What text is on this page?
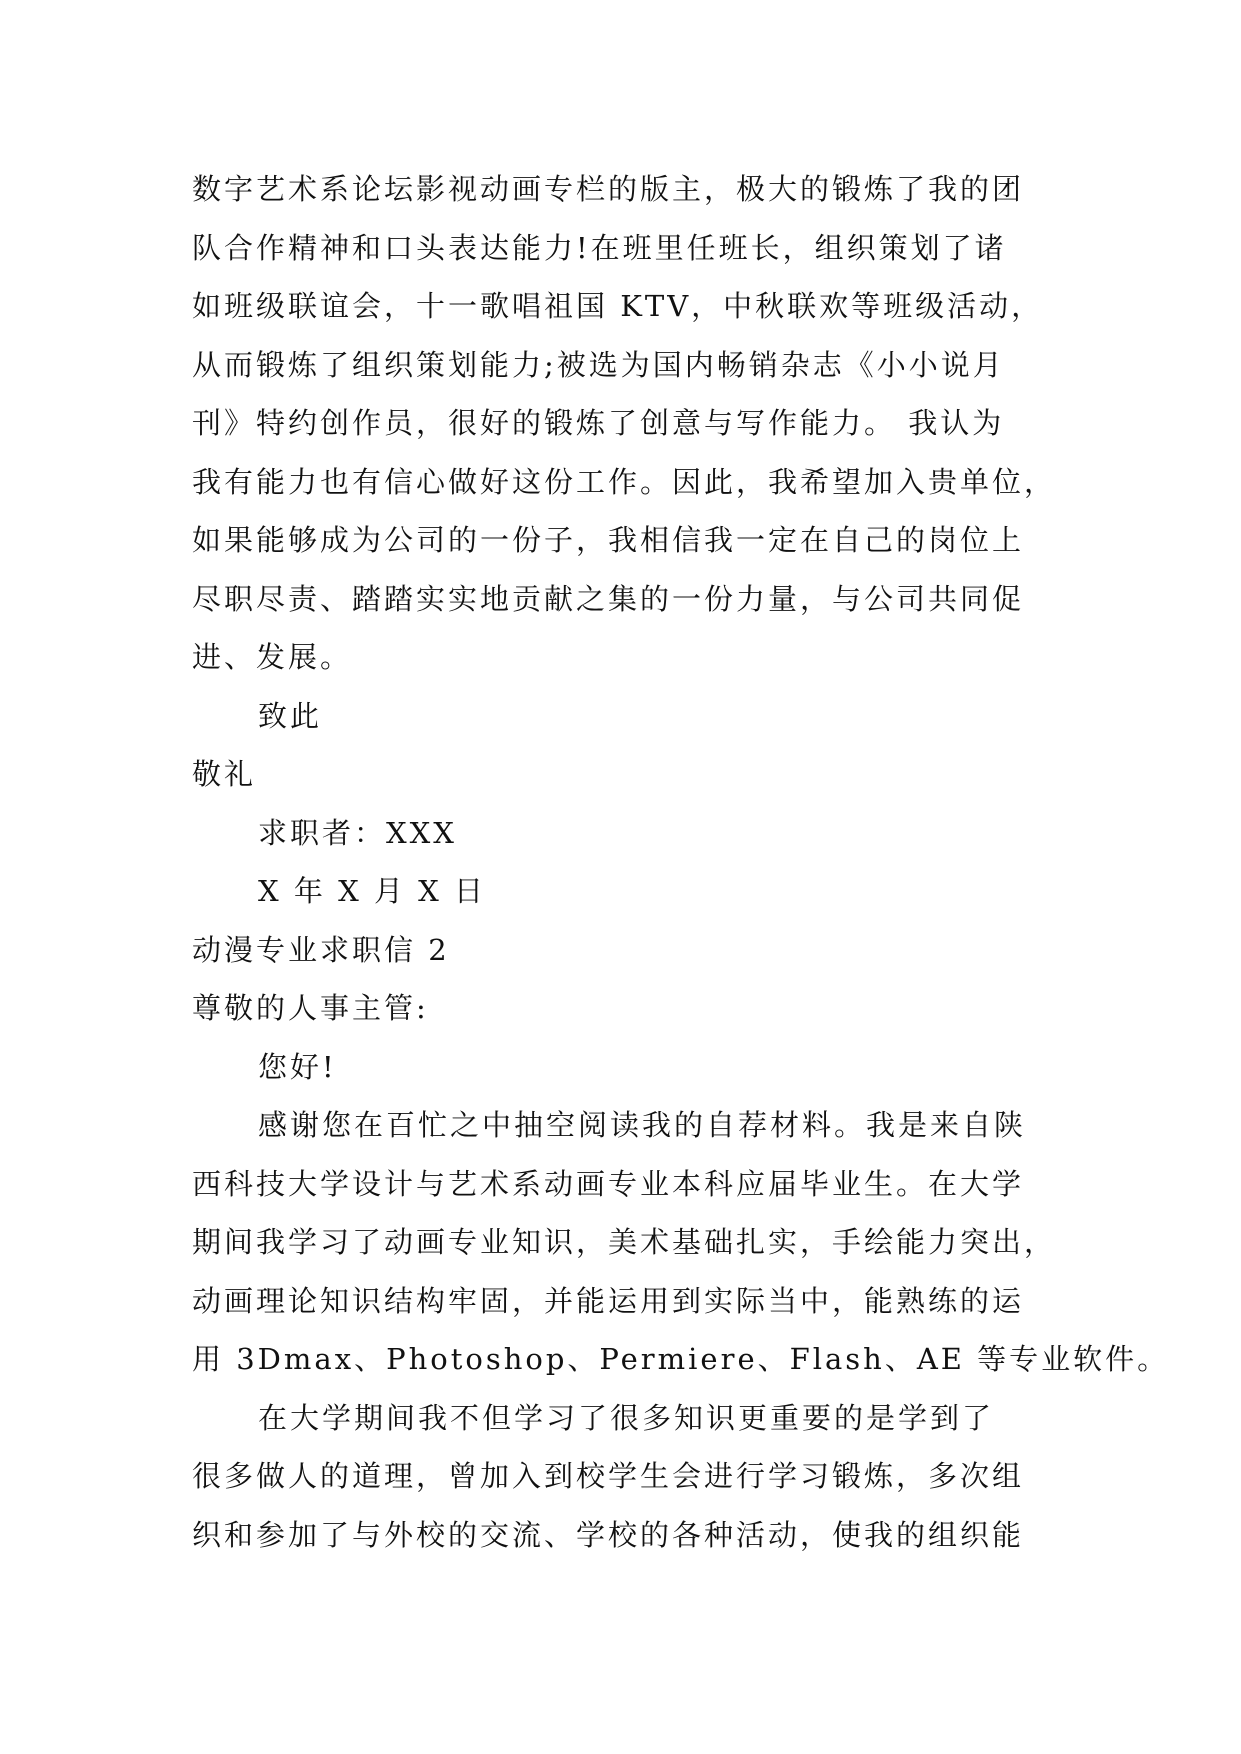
数字艺术系论坛影视动画专栏的版主，极大的锻炼了我的团
队合作精神和口头表达能力!在班里任班长，组织策划了诸
如班级联谊会，十一歌唱祖国 KTV，中秋联欢等班级活动，
从而锻炼了组织策划能力;被选为国内畅销杂志《小小说月
刊》特约创作员，很好的锻炼了创意与写作能力。 我认为
我有能力也有信心做好这份工作。因此，我希望加入贵单位，
如果能够成为公司的一份子，我相信我一定在自己的岗位上
尽职尽责、踏踏实实地贡献之集的一份力量，与公司共同促
进、发展。
致此
敬礼
求职者：XXX
X 年 X 月 X 日
动漫专业求职信 2
尊敬的人事主管:
您好!
感谢您在百忙之中抽空阅读我的自荐材料。我是来自陕
西科技大学设计与艺术系动画专业本科应届毕业生。在大学
期间我学习了动画专业知识，美术基础扎实，手绘能力突出，
动画理论知识结构牢固，并能运用到实际当中，能熟练的运
用 3Dmax、Photoshop、Permiere、Flash、AE 等专业软件。
在大学期间我不但学习了很多知识更重要的是学到了
很多做人的道理，曾加入到校学生会进行学习锻炼，多次组
织和参加了与外校的交流、学校的各种活动，使我的组织能
